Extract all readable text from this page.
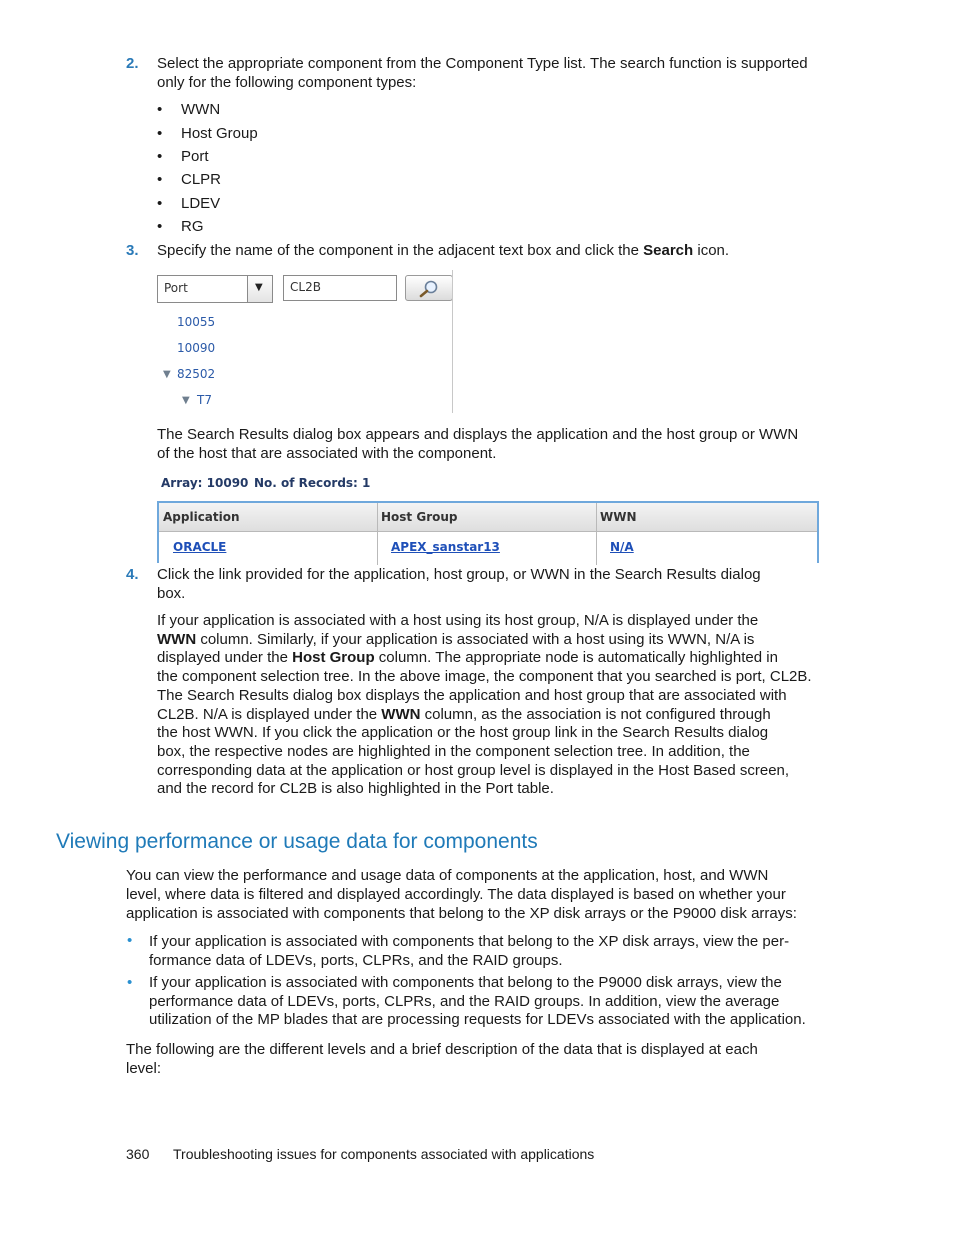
2. Select the appropriate component from the Component Type list. The search function is supported
only for the following component types:
• WWN
• Host Group
• Port
• CLPR
• LDEV
• RG
3. Specify the name of the component in the adjacent text box and click the Search icon.
Port	▼ CL2B
10055
10090
▼ 82502
▼ T7
The Search Results dialog box appears and displays the application and the host group or WWN
of the host that are associated with the component.
Array: 10090 No. of Records: 1
Application	Host Group	WWN
ORACLE	APEX_sanstar13	N/A
4. Click the link provided for the application, host group, or WWN in the Search Results dialog
box.
If your application is associated with a host using its host group, N/A is displayed under the
WWN column. Similarly, if your application is associated with a host using its WWN, N/A is
displayed under the Host Group column. The appropriate node is automatically highlighted in
the component selection tree. In the above image, the component that you searched is port, CL2B.
The Search Results dialog box displays the application and host group that are associated with
CL2B. N/A is displayed under the WWN column, as the association is not configured through
the host WWN. If you click the application or the host group link in the Search Results dialog
box, the respective nodes are highlighted in the component selection tree. In addition, the
corresponding data at the application or host group level is displayed in the Host Based screen,
and the record for CL2B is also highlighted in the Port table.
Viewing performance or usage data for components
You can view the performance and usage data of components at the application, host, and WWN
level, where data is filtered and displayed accordingly. The data displayed is based on whether your
application is associated with components that belong to the XP disk arrays or the P9000 disk arrays:
• If your application is associated with components that belong to the XP disk arrays, view the per-
formance data of LDEVs, ports, CLPRs, and the RAID groups.
• If your application is associated with components that belong to the P9000 disk arrays, view the
performance data of LDEVs, ports, CLPRs, and the RAID groups. In addition, view the average
utilization of the MP blades that are processing requests for LDEVs associated with the application.
The following are the different levels and a brief description of the data that is displayed at each
level:
360 Troubleshooting issues for components associated with applications
